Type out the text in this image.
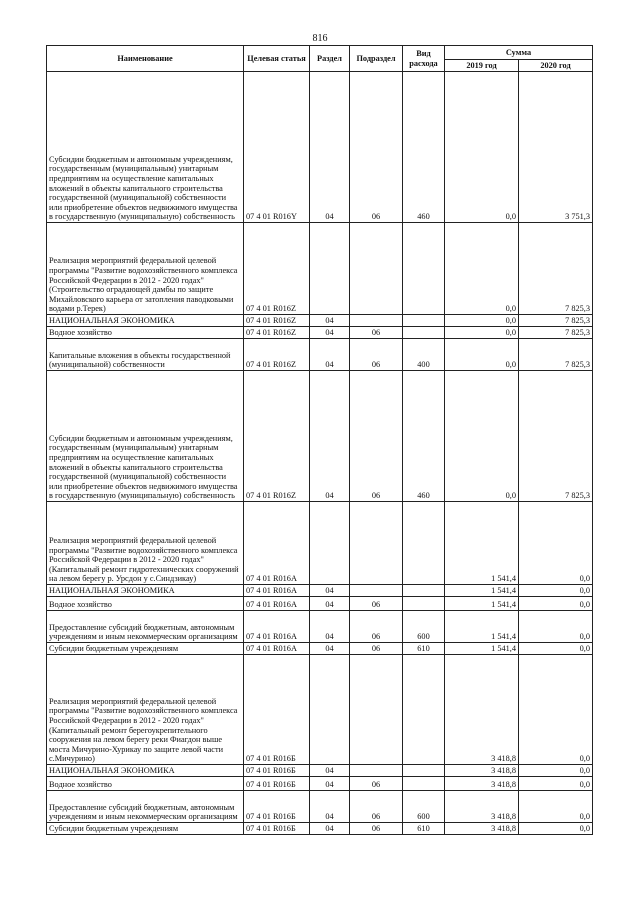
816
Наименование	Целевая статья	Раздел	Подраздел	Вид расхода	Сумма	
					2019 год	2020 год
Субсидии бюджетным и автономным учреждениям, государственным (муниципальным) унитарным предприятиям на осуществление капитальных вложений в объекты капитального строительства государственной (муниципальной) собственности или приобретение объектов недвижимого имущества в государственную (муниципальную) собственность	07 4 01 R016Y	04	06	460	0,0	3 751,3
Реализация мероприятий федеральной целевой программы "Развитие водохозяйственного комплекса Российской Федерации в 2012 - 2020 годах" (Строительство оградающей дамбы по защите Михайловского карьера от затопления паводковыми водами р.Терек)	07 4 01 R016Z				0,0	7 825,3
НАЦИОНАЛЬНАЯ ЭКОНОМИКА	07 4 01 R016Z	04			0,0	7 825,3
Водное хозяйство	07 4 01 R016Z	04	06		0,0	7 825,3
Капитальные вложения в объекты государственной (муниципальной) собственности	07 4 01 R016Z	04	06	400	0,0	7 825,3
Субсидии бюджетным и автономным учреждениям, государственным (муниципальным) унитарным предприятиям на осуществление капитальных вложений в объекты капитального строительства государственной (муниципальной) собственности или приобретение объектов недвижимого имущества в государственную (муниципальную) собственность	07 4 01 R016Z	04	06	460	0,0	7 825,3
Реализация мероприятий федеральной целевой программы "Развитие водохозяйственного комплекса Российской Федерации в 2012 - 2020 годах" (Капитальный ремонт гидротехнических сооружений на левом берегу р. Урсдон у с.Синдзикау)	07 4 01 R016A				1 541,4	0,0
НАЦИОНАЛЬНАЯ ЭКОНОМИКА	07 4 01 R016A	04			1 541,4	0,0
Водное хозяйство	07 4 01 R016A	04	06		1 541,4	0,0
Предоставление субсидий бюджетным, автономным учреждениям и иным некоммерческим организациям	07 4 01 R016A	04	06	600	1 541,4	0,0
Субсидии бюджетным учреждениям	07 4 01 R016A	04	06	610	1 541,4	0,0
Реализация мероприятий федеральной целевой программы "Развитие водохозяйственного комплекса Российской Федерации в 2012 - 2020 годах" (Капитальный ремонт берегоукрепительного сооружения на левом берегу реки Фиагдон выше моста Мичурино-Хурикау по защите левой части с.Мичурино)	07 4 01 R016Б				3 418,8	0,0
НАЦИОНАЛЬНАЯ ЭКОНОМИКА	07 4 01 R016Б	04			3 418,8	0,0
Водное хозяйство	07 4 01 R016Б	04	06		3 418,8	0,0
Предоставление субсидий бюджетным, автономным учреждениям и иным некоммерческим организациям	07 4 01 R016Б	04	06	600	3 418,8	0,0
Субсидии бюджетным учреждениям	07 4 01 R016Б	04	06	610	3 418,8	0,0
